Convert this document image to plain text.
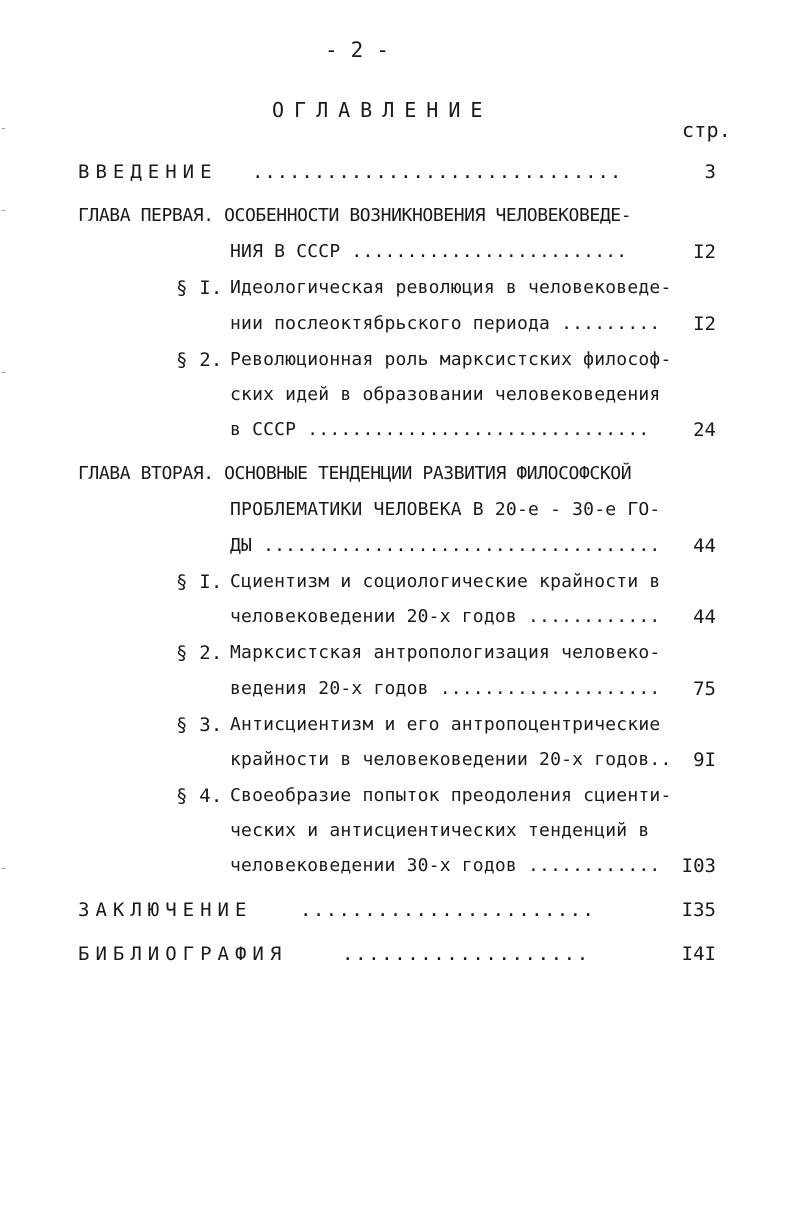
- 2 -
ОГЛАВЛЕНИЕ
стр.
ВВЕДЕНИЕ ..............................	3
ГЛАВА ПЕРВАЯ. ОСОБЕННОСТИ ВОЗНИКНОВЕНИЯ ЧЕЛОВЕКОВЕДЕ-
НИЯ В СССР .........................	I2
§ I. Идеологическая революция в человековеде-
нии послеоктябрьского периода .........	I2
§ 2. Революционная роль марксистских философ-
ских идей в образовании человековедения
в СССР ...............................	24
ГЛАВА ВТОРАЯ. ОСНОВНЫЕ ТЕНДЕНЦИИ РАЗВИТИЯ ФИЛОСОФСКОЙ
ПРОБЛЕМАТИКИ ЧЕЛОВЕКА В 20-е - 30-е ГО-
ДЫ ....................................	44
§ I. Сциентизм и социологические крайности в
человековедении 20-х годов ............	44
§ 2. Марксистская антропологизация человеко-
ведения 20-х годов ....................	75
§ 3. Антисциентизм и его антропоцентрические
крайности в человековедении 20-х годов..	9I
§ 4. Своеобразие попыток преодоления сциенти-
ческих и антисциентических тенденций в
человековедении 30-х годов ............ I03
ЗАКЛЮЧЕНИЕ	.......................	I35
БИБЛИОГРАФИЯ	...................	I4I
